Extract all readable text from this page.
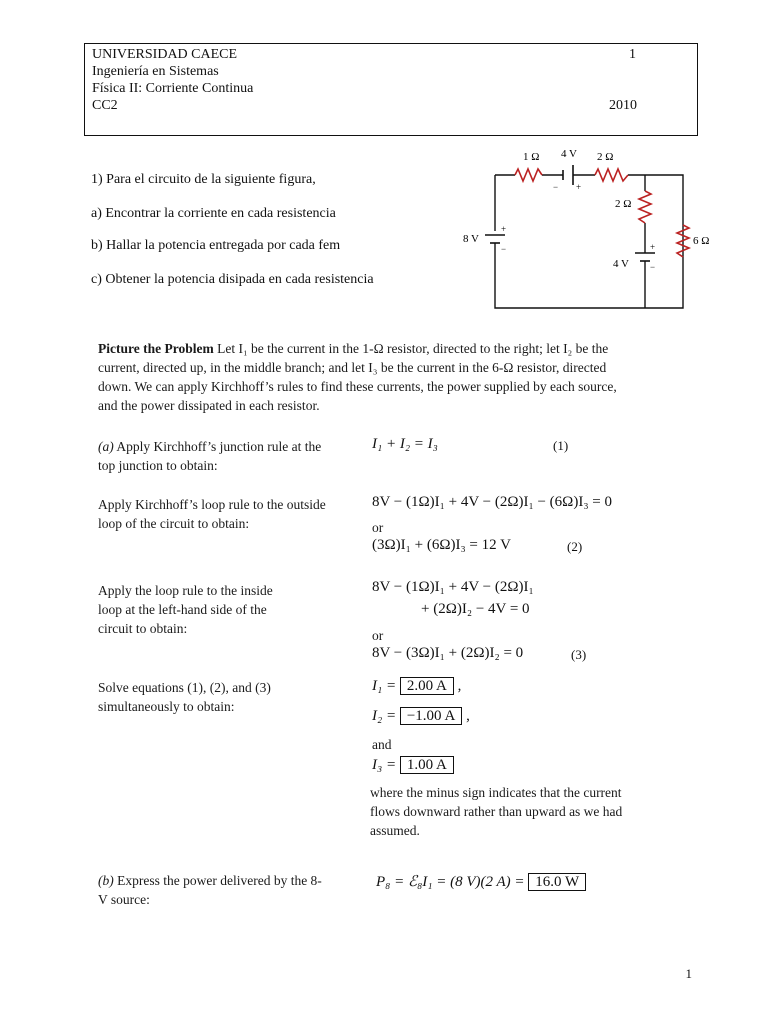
UNIVERSIDAD CAECE	1
Ingeniería en Sistemas
Física II: Corriente Continua
CC2	2010
1) Para el circuito de la siguiente figura,
a) Encontrar la corriente en cada resistencia
b) Hallar la potencia entregada por cada fem
c) Obtener la potencia disipada en cada resistencia
1 Ω 4 V 2 Ω
2 Ω
6 Ω
8 V
4 V
+
−
− +
+
−
Picture the Problem Let I₁ be the current in the 1-Ω resistor, directed to the right; let I₂ be the current, directed up, in the middle branch; and let I₃ be the current in the 6-Ω resistor, directed down. We can apply Kirchhoff’s rules to find these currents, the power supplied by each source, and the power dissipated in each resistor.
(a) Apply Kirchhoff’s junction rule at the top junction to obtain:
I₁ + I₂ = I₃	(1)
Apply Kirchhoff’s loop rule to the outside loop of the circuit to obtain:
8V − (1Ω)I₁ + 4V − (2Ω)I₁ − (6Ω)I₃ = 0
or
(3Ω)I₁ + (6Ω)I₃ = 12 V	(2)
Apply the loop rule to the inside loop at the left-hand side of the circuit to obtain:
8V − (1Ω)I₁ + 4V − (2Ω)I₁
+ (2Ω)I₂ − 4V = 0
or
8V − (3Ω)I₁ + (2Ω)I₂ = 0	(3)
Solve equations (1), (2), and (3) simultaneously to obtain:
I₁ = 2.00 A ,
I₂ = −1.00 A ,
and
I₃ = 1.00 A
where the minus sign indicates that the current flows downward rather than upward as we had assumed.
(b) Express the power delivered by the 8-V source:
P₈ = ℰ₈I₁ = (8 V)(2 A) = 16.0 W
1
